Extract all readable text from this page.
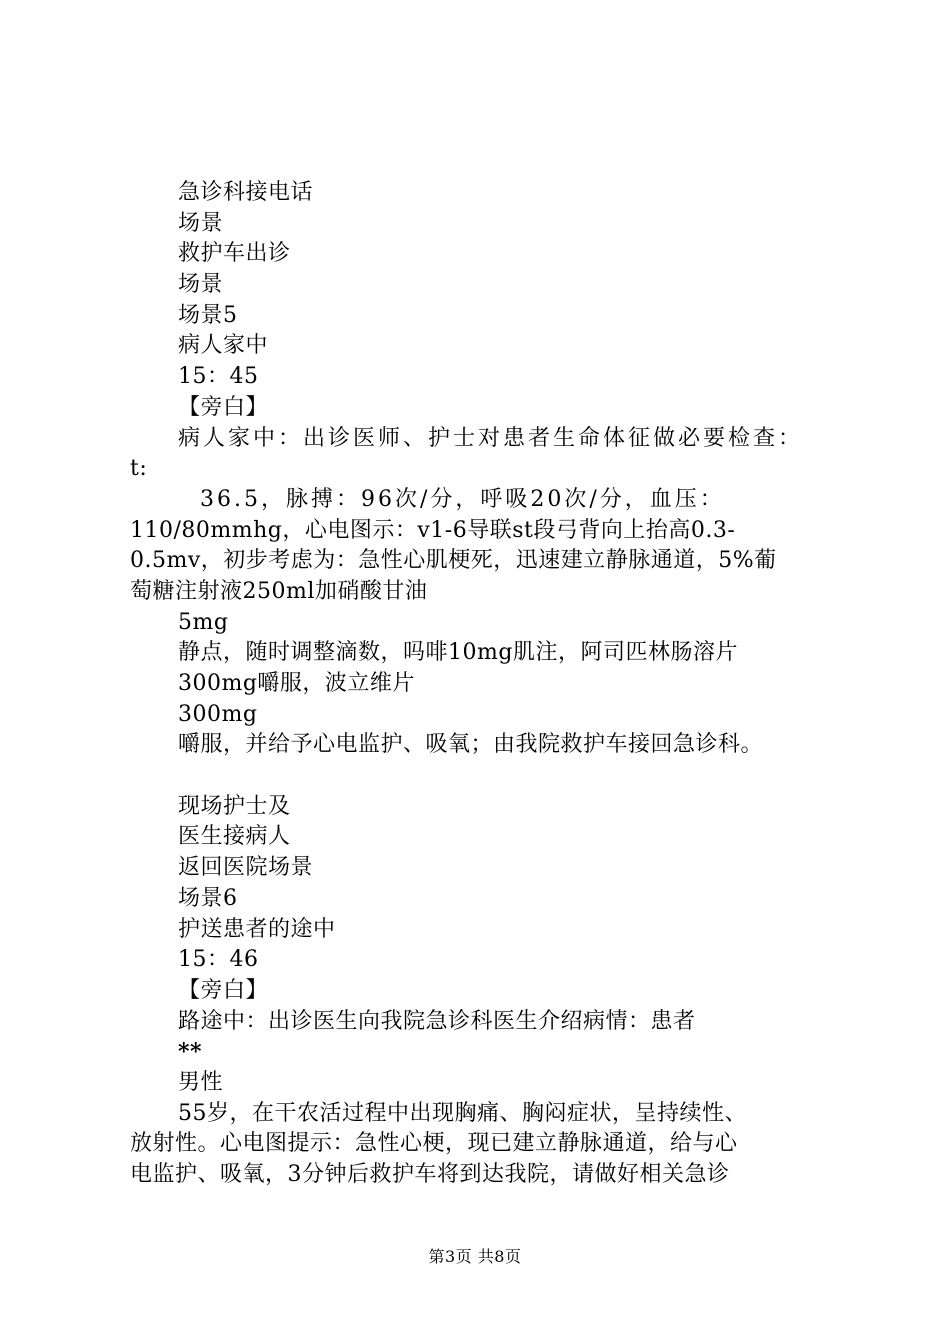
急诊科接电话
场景
救护车出诊
场景
场景5
病人家中
15：45
【旁白】
病人家中：出诊医师、护士对患者生命体征做必要检查：
t:
36.5，脉搏：96次/分，呼吸20次/分，血压：
110/80mmhg，心电图示：v1-6导联st段弓背向上抬高0.3-
0.5mv，初步考虑为：急性心肌梗死，迅速建立静脉通道，5%葡
萄糖注射液250ml加硝酸甘油
5mg
静点，随时调整滴数，吗啡10mg肌注，阿司匹林肠溶片
300mg嚼服，波立维片
300mg
嚼服，并给予心电监护、吸氧；由我院救护车接回急诊科。
现场护士及
医生接病人
返回医院场景
场景6
护送患者的途中
15：46
【旁白】
路途中：出诊医生向我院急诊科医生介绍病情：患者
**
男性
55岁，在干农活过程中出现胸痛、胸闷症状，呈持续性、
放射性。心电图提示：急性心梗，现已建立静脉通道，给与心
电监护、吸氧，3分钟后救护车将到达我院，请做好相关急诊
第3页 共8页
